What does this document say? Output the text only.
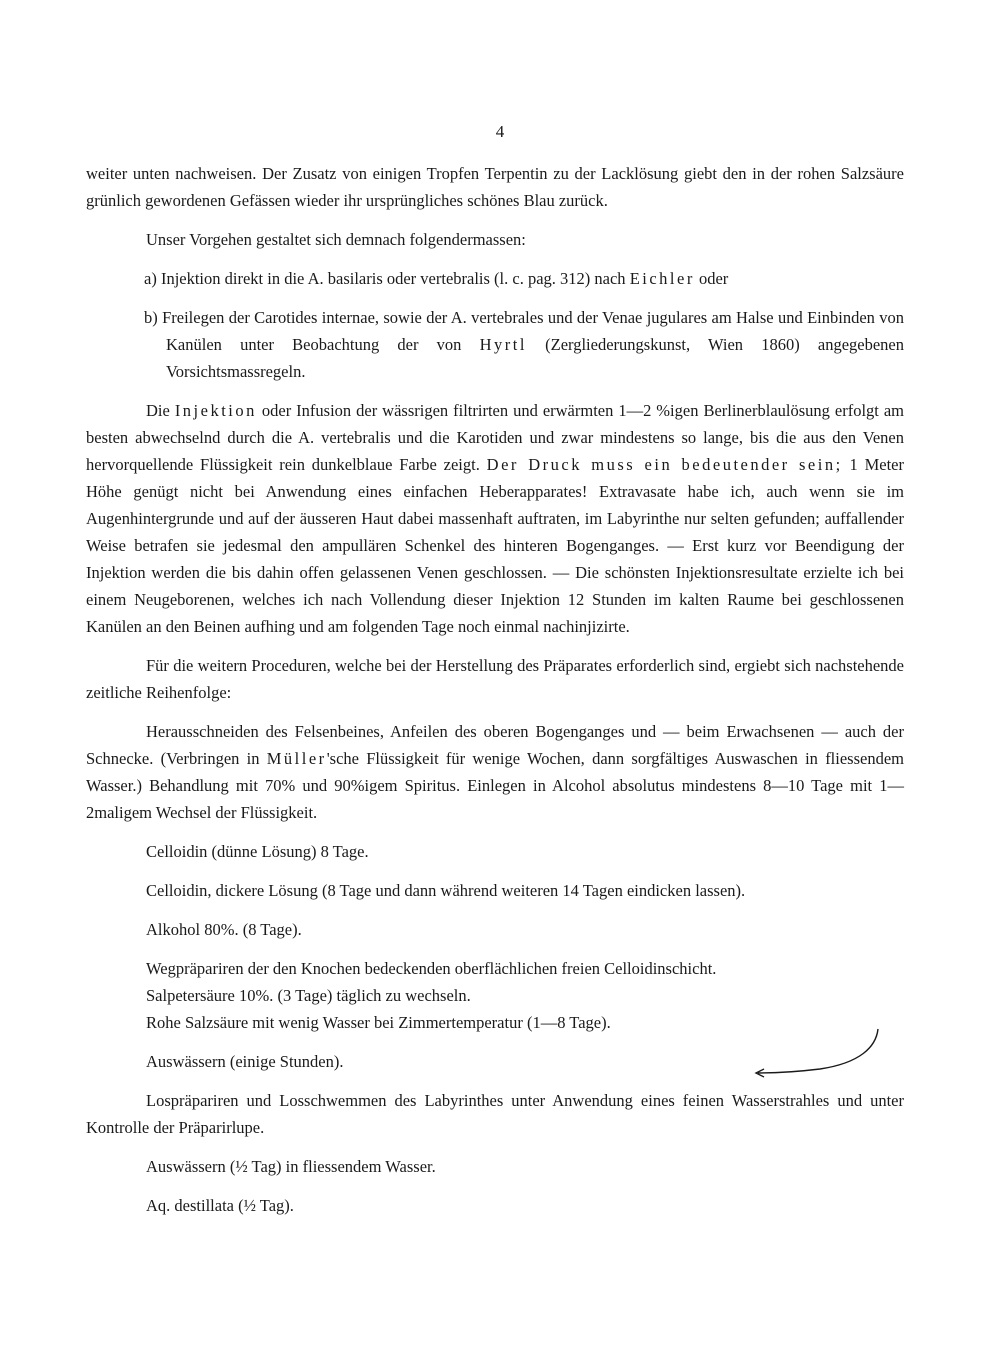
4

weiter unten nachweisen. Der Zusatz von einigen Tropfen Terpentin zu der Lacklösung giebt den in der rohen Salzsäure grünlich gewordenen Gefässen wieder ihr ursprüngliches schönes Blau zurück.

Unser Vorgehen gestaltet sich demnach folgendermassen:

a) Injektion direkt in die A. basilaris oder vertebralis (l. c. pag. 312) nach Eichler oder

b) Freilegen der Carotides internae, sowie der A. vertebrales und der Venae jugulares am Halse und Einbinden von Kanülen unter Beobachtung der von Hyrtl (Zergliederungskunst, Wien 1860) angegebenen Vorsichtsmassregeln.

Die Injektion oder Infusion der wässrigen filtrirten und erwärmten 1—2 %igen Berlinerblaulösung erfolgt am besten abwechselnd durch die A. vertebralis und die Karotiden und zwar mindestens so lange, bis die aus den Venen hervorquellende Flüssigkeit rein dunkelblaue Farbe zeigt. Der Druck muss ein bedeutender sein; 1 Meter Höhe genügt nicht bei Anwendung eines einfachen Heberapparates! Extravasate habe ich, auch wenn sie im Augenhintergrunde und auf der äusseren Haut dabei massenhaft auftraten, im Labyrinthe nur selten gefunden; auffallender Weise betrafen sie jedesmal den ampullären Schenkel des hinteren Bogenganges. — Erst kurz vor Beendigung der Injektion werden die bis dahin offen gelassenen Venen geschlossen. — Die schönsten Injektionsresultate erzielte ich bei einem Neugeborenen, welches ich nach Vollendung dieser Injektion 12 Stunden im kalten Raume bei geschlossenen Kanülen an den Beinen aufhing und am folgenden Tage noch einmal nachinjizirte.

Für die weitern Proceduren, welche bei der Herstellung des Präparates erforderlich sind, ergiebt sich nachstehende zeitliche Reihenfolge:

Herausschneiden des Felsenbeines, Anfeilen des oberen Bogenganges und — beim Erwachsenen — auch der Schnecke. (Verbringen in Müller'sche Flüssigkeit für wenige Wochen, dann sorgfältiges Auswaschen in fliessendem Wasser.) Behandlung mit 70% und 90%igem Spiritus. Einlegen in Alcohol absolutus mindestens 8—10 Tage mit 1—2maligem Wechsel der Flüssigkeit.

Celloidin (dünne Lösung) 8 Tage.

Celloidin, dickere Lösung (8 Tage und dann während weiteren 14 Tagen eindicken lassen).

Alkohol 80%. (8 Tage).

Wegpräpariren der den Knochen bedeckenden oberflächlichen freien Celloidinschicht.

Salpetersäure 10%. (3 Tage) täglich zu wechseln.

Rohe Salzsäure mit wenig Wasser bei Zimmertemperatur (1—8 Tage).

Auswässern (einige Stunden).

Lospräpariren und Losschwemmen des Labyrinthes unter Anwendung eines feinen Wasserstrahles und unter Kontrolle der Präparirlupe.

Auswässern (½ Tag) in fliessendem Wasser.

Aq. destillata (½ Tag).
